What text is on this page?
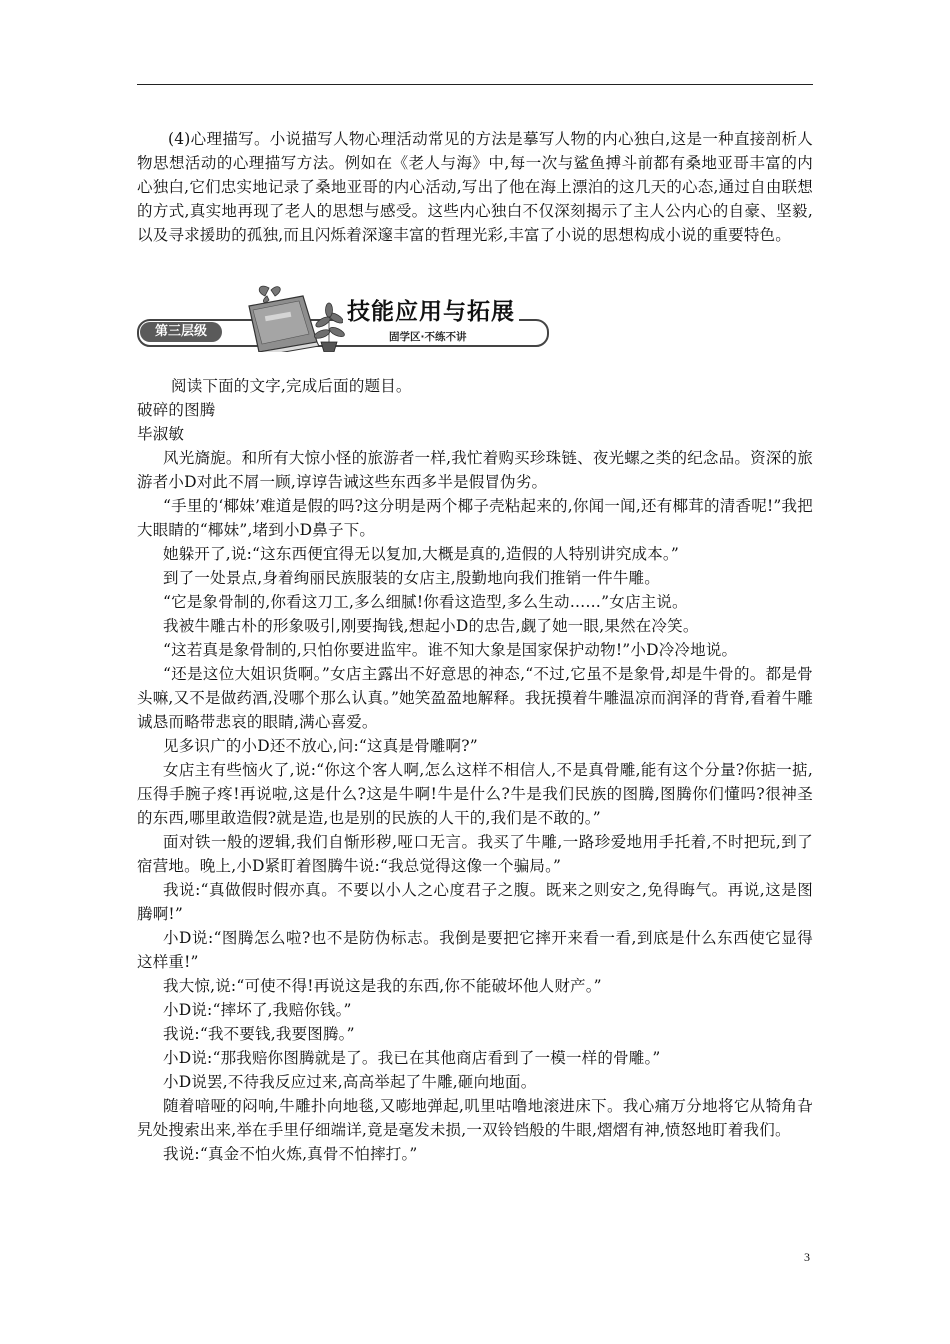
(4)心理描写。小说描写人物心理活动常见的方法是摹写人物的内心独白,这是一种直接剖析人物思想活动的心理描写方法。例如在《老人与海》中,每一次与鲨鱼搏斗前都有桑地亚哥丰富的内心独白,它们忠实地记录了桑地亚哥的内心活动,写出了他在海上漂泊的这几天的心态,通过自由联想的方式,真实地再现了老人的思想与感受。这些内心独白不仅深刻揭示了主人公内心的自豪、坚毅,以及寻求援助的孤独,而且闪烁着深邃丰富的哲理光彩,丰富了小说的思想构成小说的重要特色。

第三层级
技能应用与拓展
固学区·不练不讲

阅读下面的文字,完成后面的题目。

破碎的图腾

毕淑敏

风光旖旎。和所有大惊小怪的旅游者一样,我忙着购买珍珠链、夜光螺之类的纪念品。资深的旅游者小D对此不屑一顾,谆谆告诫这些东西多半是假冒伪劣。

“手里的‘椰妹’难道是假的吗?这分明是两个椰子壳粘起来的,你闻一闻,还有椰茸的清香呢!”我把大眼睛的“椰妹”,堵到小D鼻子下。

她躲开了,说:“这东西便宜得无以复加,大概是真的,造假的人特别讲究成本。”

到了一处景点,身着绚丽民族服装的女店主,殷勤地向我们推销一件牛雕。

“它是象骨制的,你看这刀工,多么细腻!你看这造型,多么生动……”女店主说。

我被牛雕古朴的形象吸引,刚要掏钱,想起小D的忠告,觑了她一眼,果然在冷笑。

“这若真是象骨制的,只怕你要进监牢。谁不知大象是国家保护动物!”小D冷冷地说。

“还是这位大姐识货啊。”女店主露出不好意思的神态,“不过,它虽不是象骨,却是牛骨的。都是骨头嘛,又不是做药酒,没哪个那么认真。”她笑盈盈地解释。我抚摸着牛雕温凉而润泽的背脊,看着牛雕诚恳而略带悲哀的眼睛,满心喜爱。

见多识广的小D还不放心,问:“这真是骨雕啊?”

女店主有些恼火了,说:“你这个客人啊,怎么这样不相信人,不是真骨雕,能有这个分量?你掂一掂,压得手腕子疼!再说啦,这是什么?这是牛啊!牛是什么?牛是我们民族的图腾,图腾你们懂吗?很神圣的东西,哪里敢造假?就是造,也是别的民族的人干的,我们是不敢的。”

面对铁一般的逻辑,我们自惭形秽,哑口无言。我买了牛雕,一路珍爱地用手托着,不时把玩,到了宿营地。晚上,小D紧盯着图腾牛说:“我总觉得这像一个骗局。”

我说:“真做假时假亦真。不要以小人之心度君子之腹。既来之则安之,免得晦气。再说,这是图腾啊!”

小D说:“图腾怎么啦?也不是防伪标志。我倒是要把它摔开来看一看,到底是什么东西使它显得这样重!”

我大惊,说:“可使不得!再说这是我的东西,你不能破坏他人财产。”

小D说:“摔坏了,我赔你钱。”

我说:“我不要钱,我要图腾。”

小D说:“那我赔你图腾就是了。我已在其他商店看到了一模一样的骨雕。”

小D说罢,不待我反应过来,高高举起了牛雕,砸向地面。

随着喑哑的闷响,牛雕扑向地毯,又嘭地弹起,叽里咕噜地滚进床下。我心痛万分地将它从犄角旮旯处搜索出来,举在手里仔细端详,竟是毫发未损,一双铃铛般的牛眼,熠熠有神,愤怒地盯着我们。

我说:“真金不怕火炼,真骨不怕摔打。”

3
